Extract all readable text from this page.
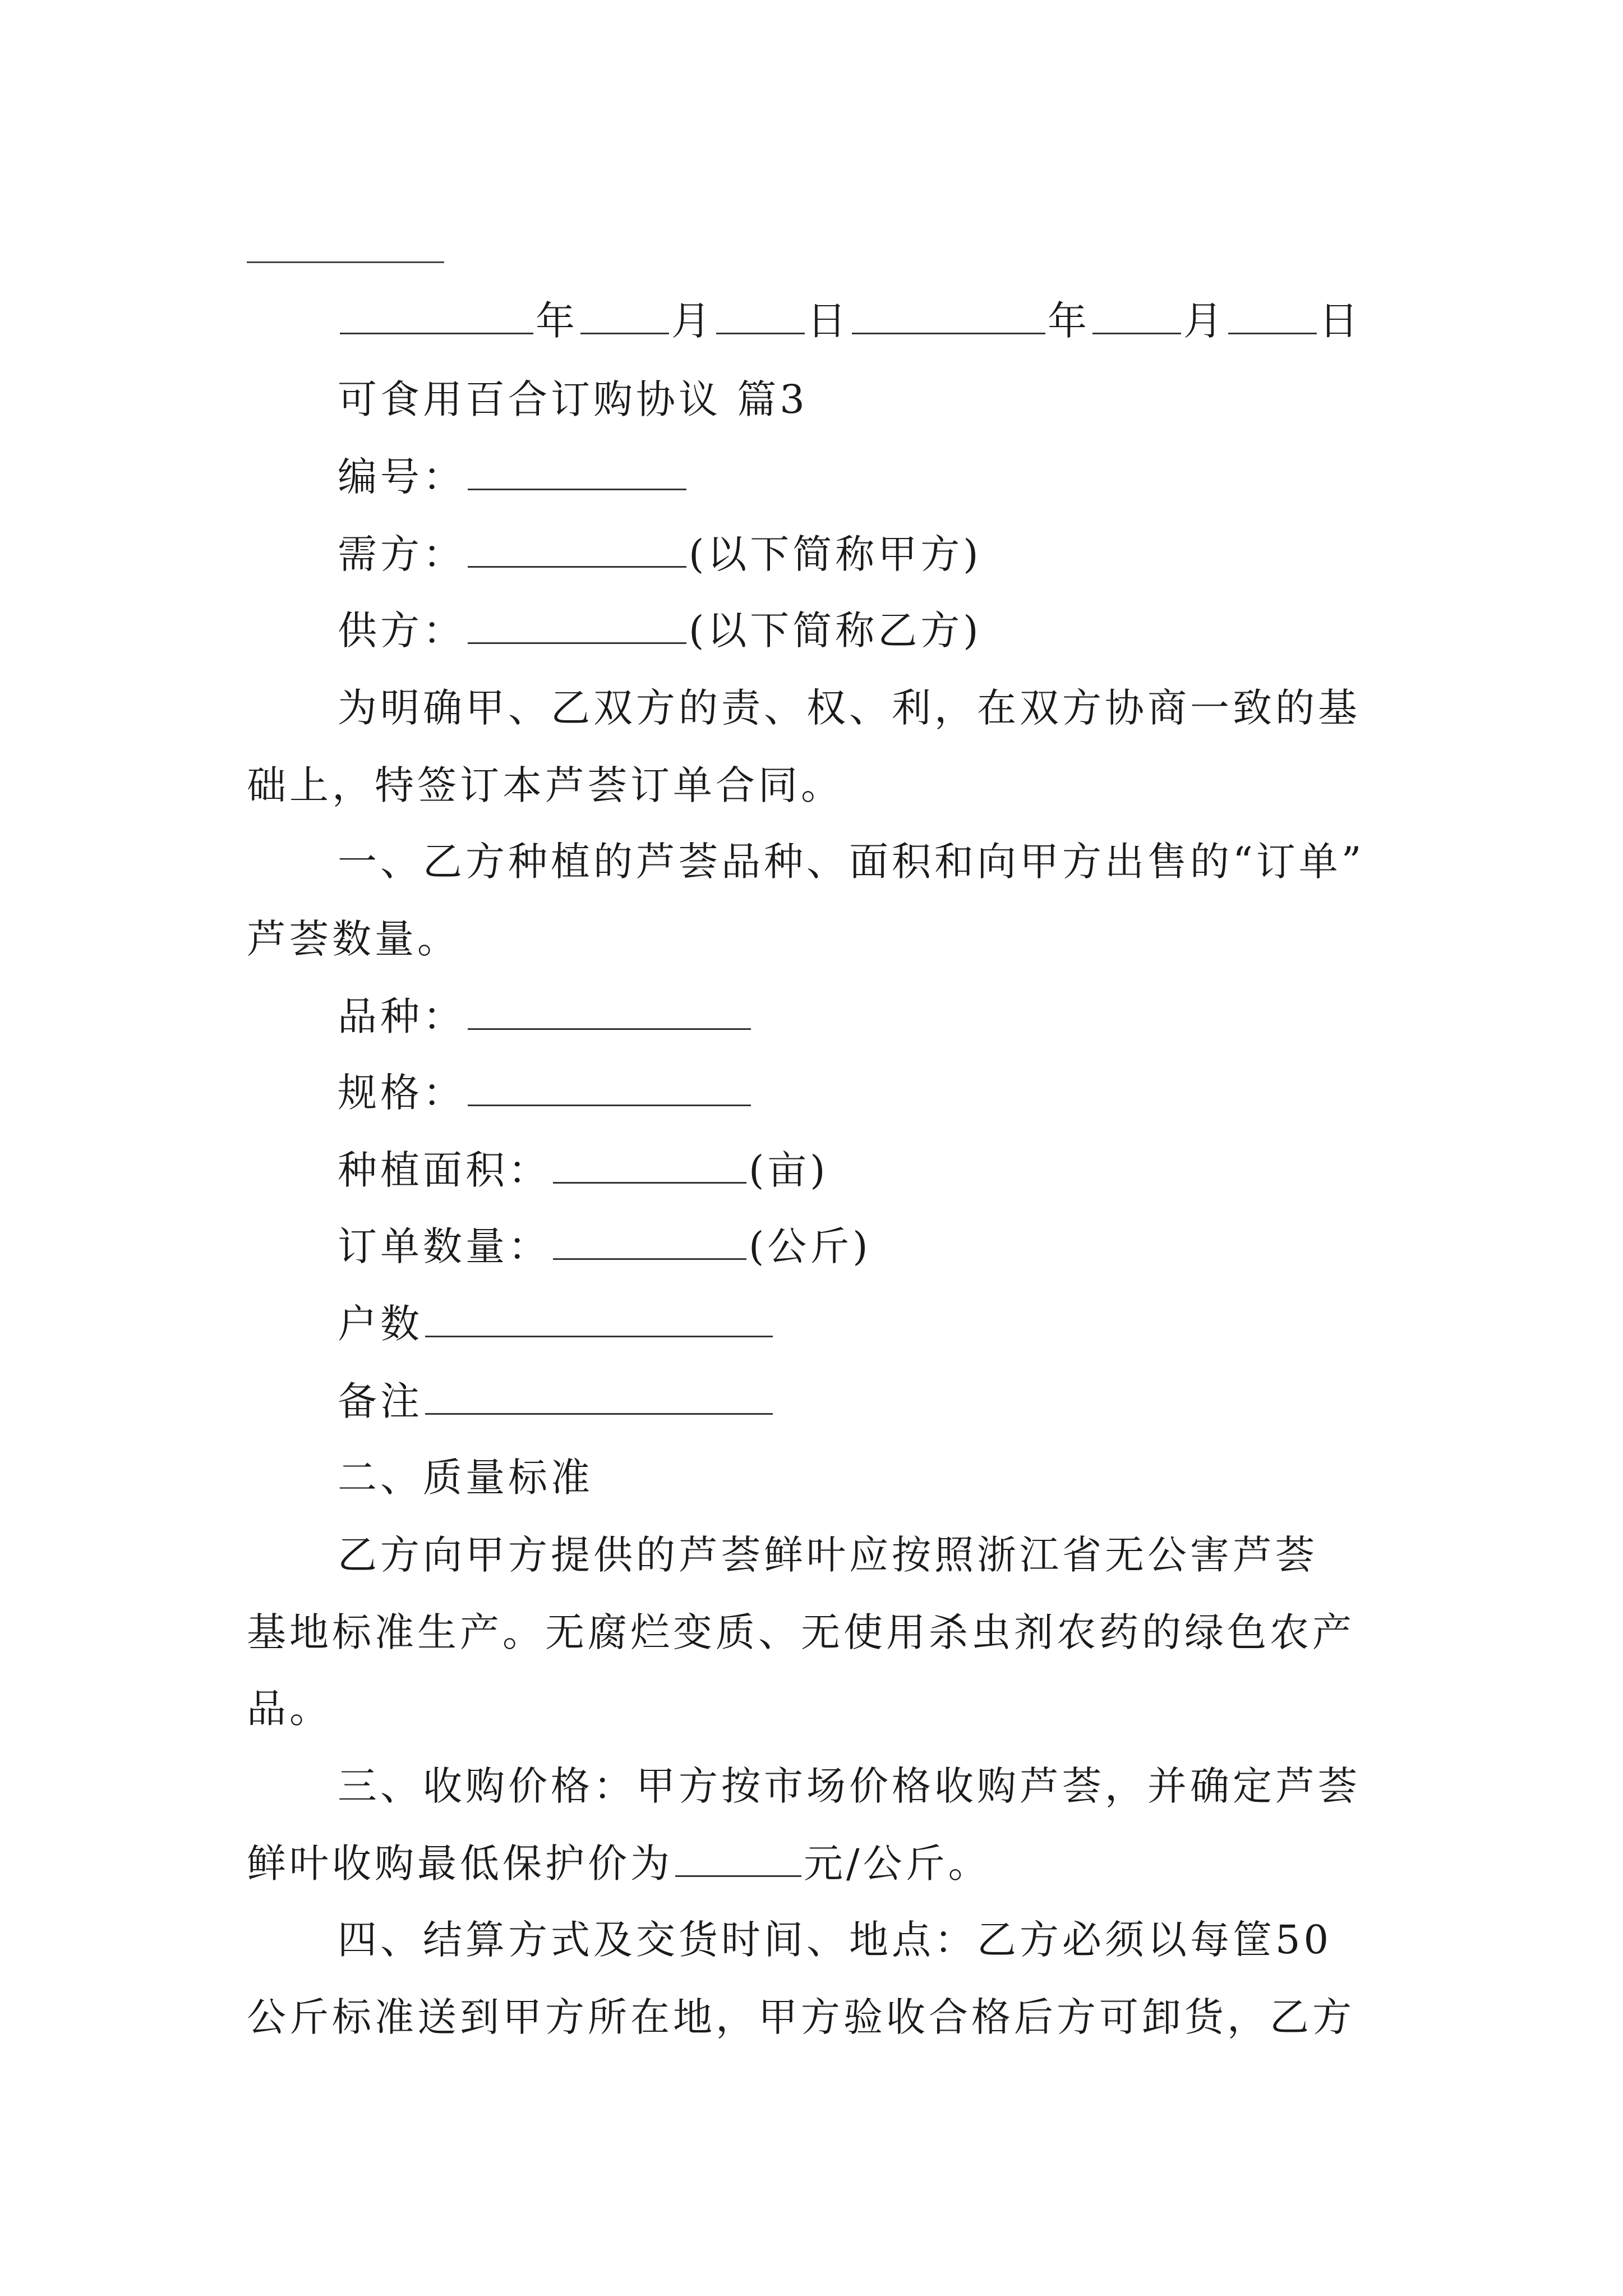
年 月 日	年 月 日
可食用百合订购协议 篇3
编号：
需方：	(以下简称甲方)
供方：	(以下简称乙方)
为明确甲、乙双方的责、权、利，在双方协商一致的基
础上，特签订本芦荟订单合同。
一、乙方种植的芦荟品种、面积和向甲方出售的“订单”
芦荟数量。
品种：
规格：
种植面积：	(亩)
订单数量：	(公斤)
户数
备注
二、质量标准
乙方向甲方提供的芦荟鲜叶应按照浙江省无公害芦荟
基地标准生产。无腐烂变质、无使用杀虫剂农药的绿色农产
品。
三、收购价格：甲方按市场价格收购芦荟，并确定芦荟
鲜叶收购最低保护价为	元/公斤。
四、结算方式及交货时间、地点：乙方必须以每筐50
公斤标准送到甲方所在地，甲方验收合格后方可卸货，乙方
